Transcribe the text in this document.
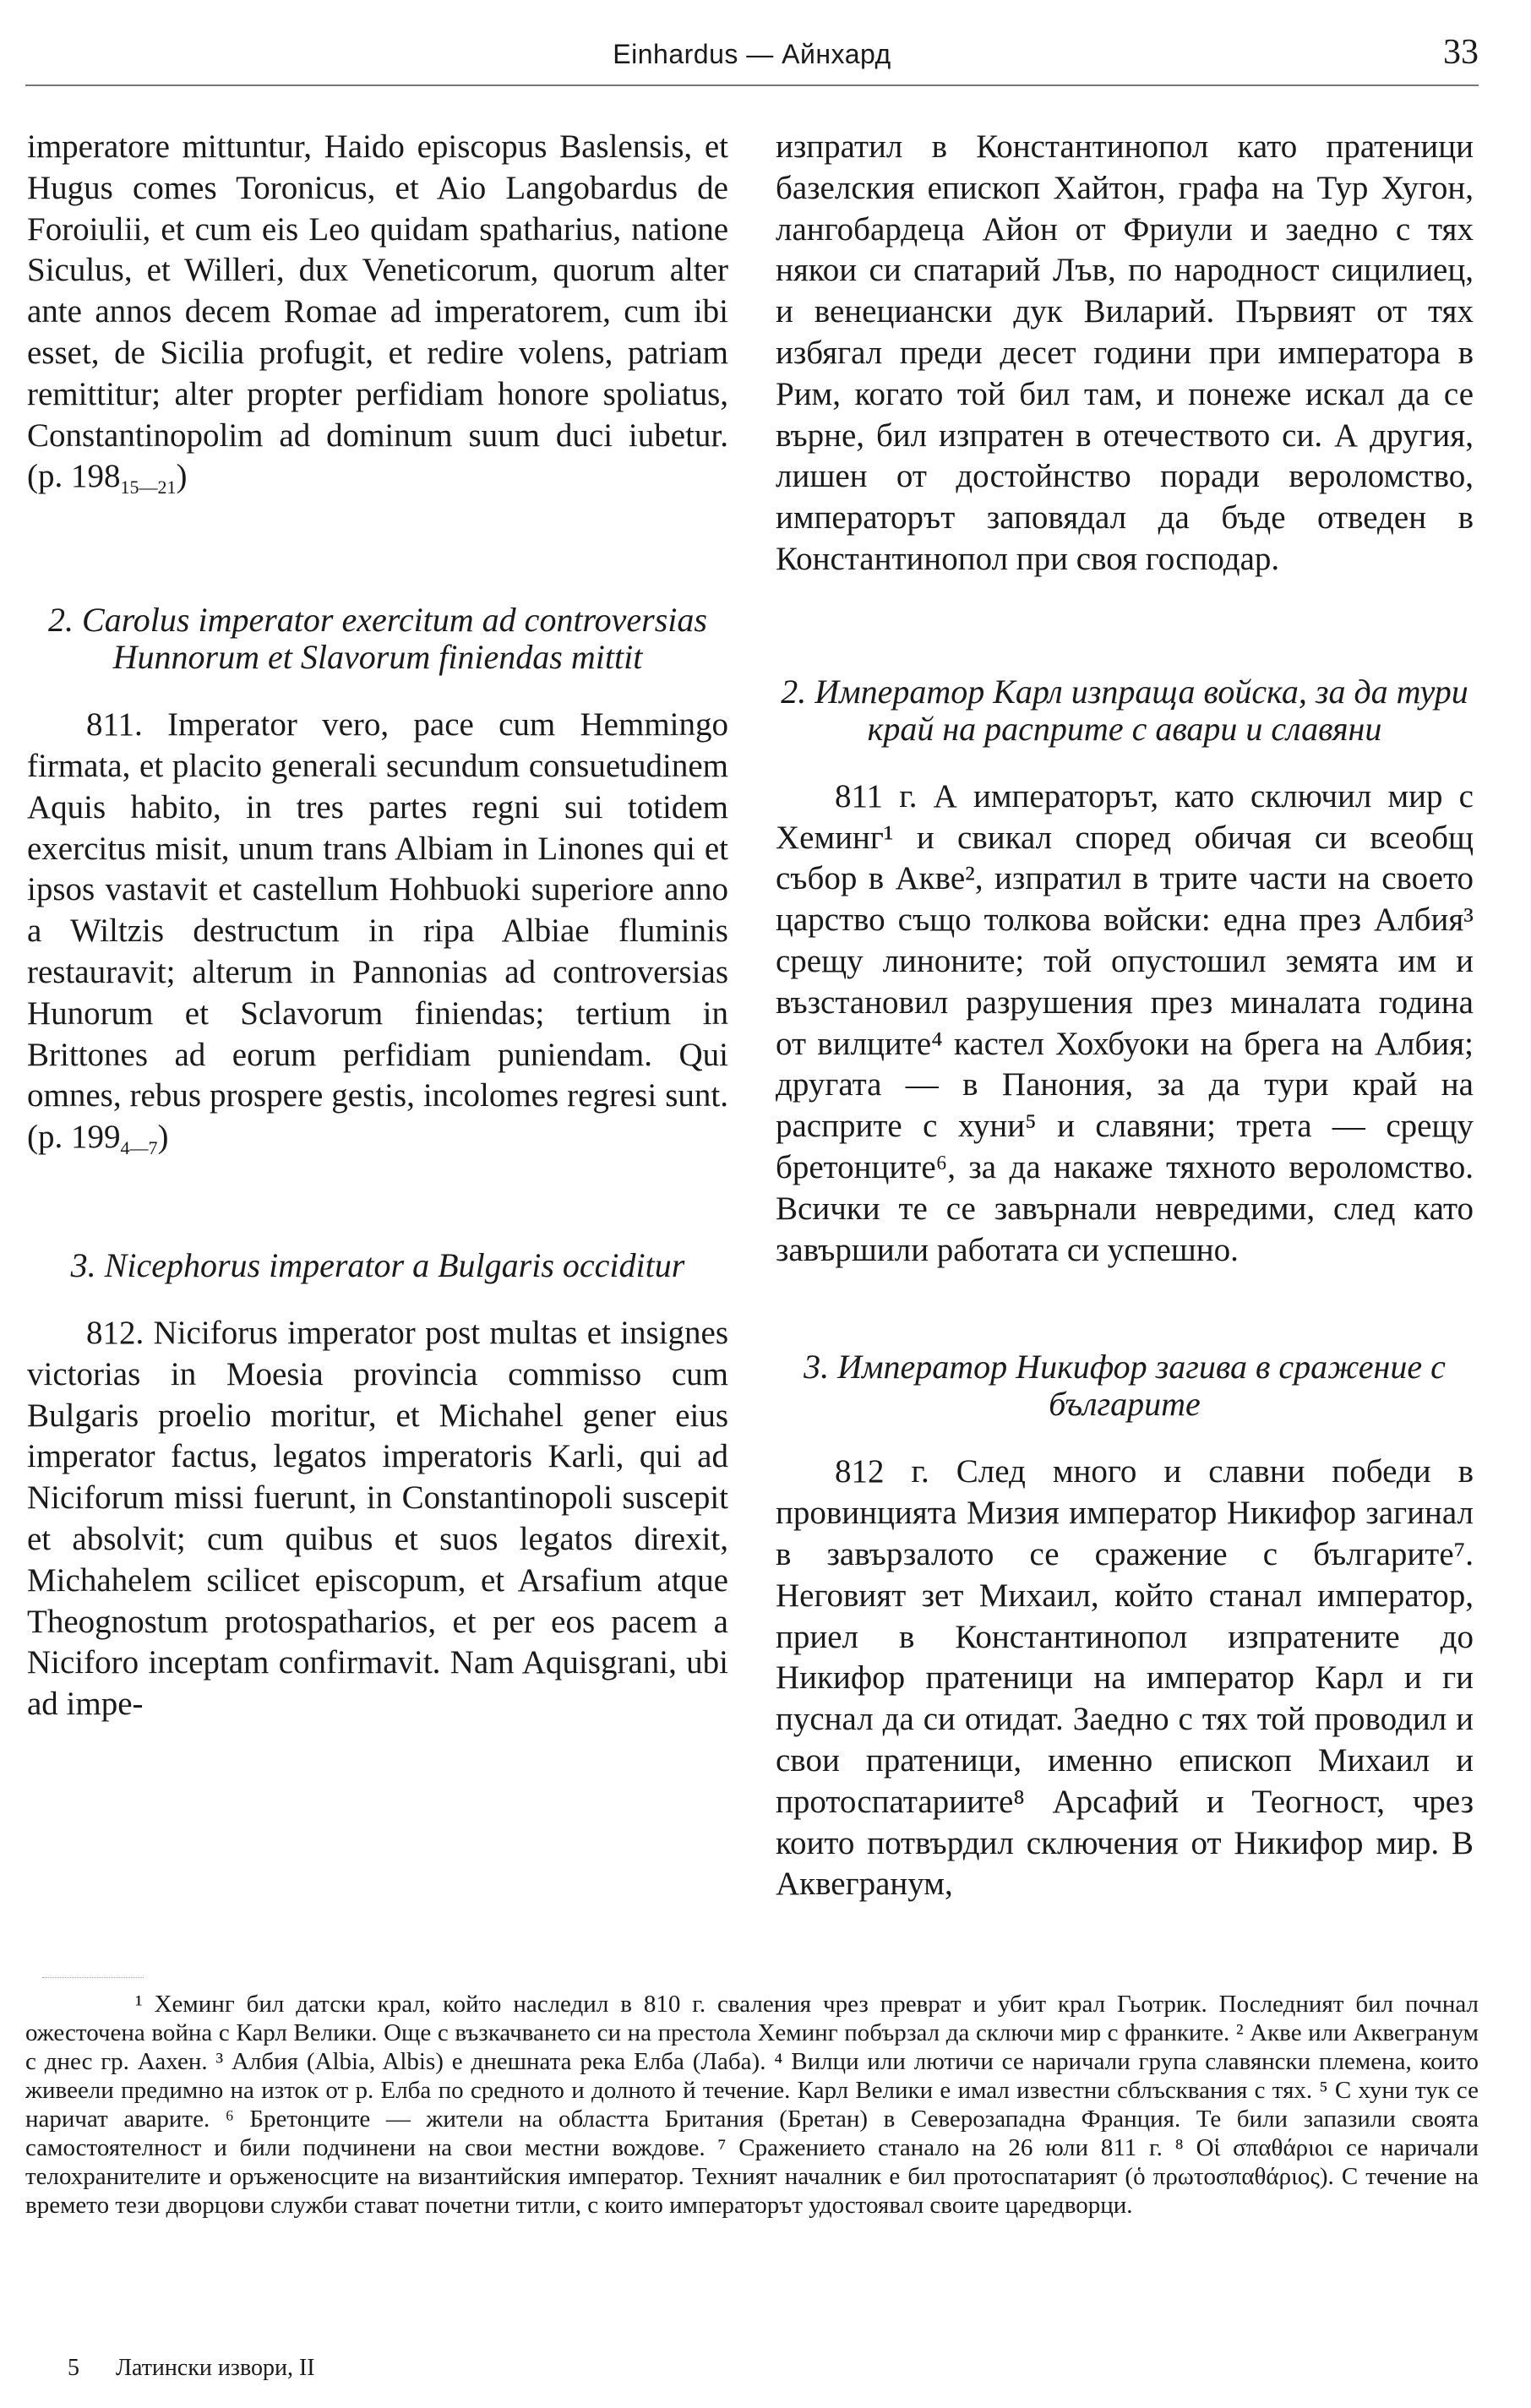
Einhardus — Айнхард	33

imperatore mittuntur, Haido episcopus Baslensis, et Hugus comes Toronicus, et Aio Langobardus de Foroiulii, et cum eis Leo quidam spatharius, natione Siculus, et Willeri, dux Veneticorum, quorum alter ante annos decem Romae ad imperatorem, cum ibi esset, de Sicilia profugit, et redire volens, patriam remittitur; alter propter perfidiam honore spoliatus, Constantinopolim ad dominum suum duci iubetur. (p. $198_{15—21}$)

2. Carolus imperator exercitum ad controversias Hunnorum et Slavorum finiendas mittit

811. Imperator vero, pace cum Hemmingo firmata, et placito generali secundum consuetudinem Aquis habito, in tres partes regni sui totidem exercitus misit, unum trans Albiam in Linones qui et ipsos vastavit et castellum Hohbuoki superiore anno a Wiltzis destructum in ripa Albiae fluminis restauravit; alterum in Pannonias ad controversias Hunorum et Sclavorum finiendas; tertium in Brittones ad eorum perfidiam puniendam. Qui omnes, rebus prospere gestis, incolomes regresi sunt. (p. $199_{4—7}$)

3. Nicephorus imperator a Bulgaris occiditur

812. Niciforus imperator post multas et insignes victorias in Moesia provincia commisso cum Bulgaris proelio moritur, et Michahel gener eius imperator factus, legatos imperatoris Karli, qui ad Niciforum missi fuerunt, in Constantinopoli suscepit et absolvit; cum quibus et suos legatos direxit, Michahelem scilicet episcopum, et Arsafium atque Theognostum protospatharios, et per eos pacem a Niciforo inceptam confirmavit. Nam Aquisgrani, ubi ad impe-

изпратил в Константинопол като пратеници базелския епископ Хайтон, графа на Тур Хугон, лангобардеца Айон от Фриули и заедно с тях някои си спатарий Лъв, по народност сицилиец, и венециански дук Виларий. Първият от тях избягал преди десет години при императора в Рим, когато той бил там, и понеже искал да се върне, бил изпратен в отечеството си. А другия, лишен от достойнство поради вероломство, императорът заповядал да бъде отведен в Константинопол при своя господар.

2. Император Карл изпраща войска, за да тури край на расприте с авари и славяни

811 г. А императорът, като сключил мир с Хеминг¹ и свикал според обичая си всеобщ събор в Акве², изпратил в трите части на своето царство също толкова войски: една през Албия³ срещу линоните; той опустошил земята им и възстановил разрушения през миналата година от вилците⁴ кастел Хохбуоки на брега на Албия; другата — в Панония, за да тури край на расприте с хуни⁵ и славяни; трета — срещу бретонците⁶, за да накаже тяхното вероломство. Всички те се завърнали невредими, след като завършили работата си успешно.

3. Император Никифор загива в сражение с българите

812 г. След много и славни победи в провинцията Мизия император Никифор загинал в завързалото се сражение с българите⁷. Неговият зет Михаил, който станал император, приел в Константинопол изпратените до Никифор пратеници на император Карл и ги пуснал да си отидат. Заедно с тях той проводил и свои пратеници, именно епископ Михаил и протоспатариите⁸ Арсафий и Теогност, чрез които потвърдил сключения от Никифор мир. В Аквегранум,

¹ Хеминг бил датски крал, който наследил в 810 г. сваления чрез преврат и убит крал Гьотрик. Последният бил почнал ожесточена война с Карл Велики. Още с възкачването си на престола Хеминг побързал да сключи мир с франките. ² Акве или Аквегранум с днес гр. Аахен. ³ Албия (Albia, Albis) е днешната река Елба (Лаба). ⁴ Вилци или лютичи се наричали група славянски племена, които живеели предимно на изток от р. Елба по средното и долното й течение. Карл Велики е имал известни сблъсквания с тях. ⁵ С хуни тук се наричат аварите. ⁶ Бретонците — жители на областта Британия (Бретан) в Северозападна Франция. Те били запазили своята самостоятелност и били подчинени на свои местни вождове. ⁷ Сражението станало на 26 юли 811 г. ⁸ Οἱ σπαθάριοι се наричали телохранителите и оръженосците на византийския император. Техният началник е бил протоспатарият (ὁ πρωτοσπαθάριος). С течение на времето тези дворцови служби стават почетни титли, с които императорът удостоявал своите царедворци.

5 Латински извори, II
